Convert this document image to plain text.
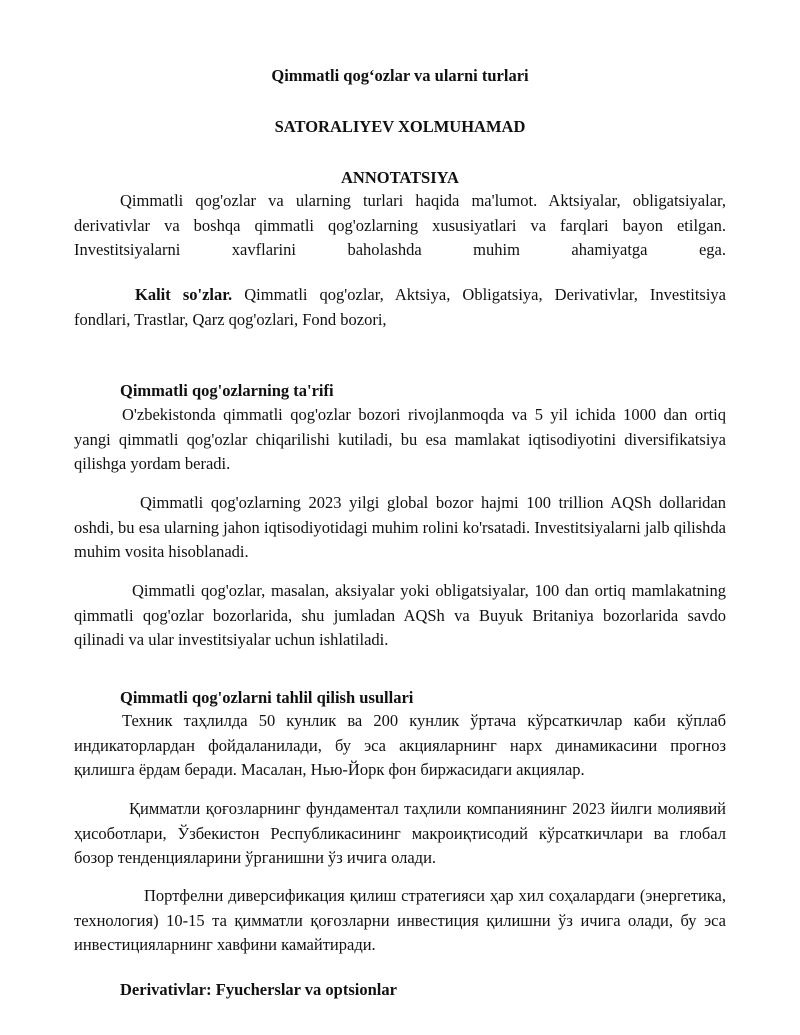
Qimmatli qog‘ozlar va ularni turlari
SATORALIYEV XOLMUHAMAD
ANNOTATSIYA

Qimmatli qog'ozlar va ularning turlari haqida ma'lumot. Aktsiyalar, obligatsiyalar, derivativlar va boshqa qimmatli qog'ozlarning xususiyatlari va farqlari bayon etilgan. Investitsiyalarni xavflarini baholashda muhim ahamiyatga ega.

Kalit so'zlar. Qimmatli qog'ozlar, Aktsiya, Obligatsiya, Derivativlar, Investitsiya fondlari, Trastlar, Qarz qog'ozlari, Fond bozori,

Qimmatli qog'ozlarning ta'rifi

O'zbekistonda qimmatli qog'ozlar bozori rivojlanmoqda va 5 yil ichida 1000 dan ortiq yangi qimmatli qog'ozlar chiqarilishi kutiladi, bu esa mamlakat iqtisodiyotini diversifikatsiya qilishga yordam beradi.

Qimmatli qog'ozlarning 2023 yilgi global bozor hajmi 100 trillion AQSh dollaridan oshdi, bu esa ularning jahon iqtisodiyotidagi muhim rolini ko'rsatadi. Investitsiyalarni jalb qilishda muhim vosita hisoblanadi.

Qimmatli qog'ozlar, masalan, aksiyalar yoki obligatsiyalar, 100 dan ortiq mamlakatning qimmatli qog'ozlar bozorlarida, shu jumladan AQSh va Buyuk Britaniya bozorlarida savdo qilinadi va ular investitsiyalar uchun ishlatiladi.

Qimmatli qog'ozlarni tahlil qilish usullari

Техник таҳлилда 50 кунлик ва 200 кунлик ўртача кўрсаткичлар каби кўплаб индикаторлардан фойдаланилади, бу эса акцияларнинг нарх динамикасини прогноз қилишга ёрдам беради. Масалан, Нью-Йорк фон биржасидаги акциялар.

Қимматли қоғозларнинг фундаментал таҳлили компаниянинг 2023 йилги молиявий ҳисоботлари, Ўзбекистон Республикасининг макроиқтисодий кўрсаткичлари ва глобал бозор тенденцияларини ўрганишни ўз ичига олади.

Портфелни диверсификация қилиш стратегияси ҳар хил соҳалардаги (энергетика, технология) 10-15 та қимматли қоғозларни инвестиция қилишни ўз ичига олади, бу эса инвестицияларнинг хавфини камайтиради.

Derivativlar: Fyucherslar va optsionlar
